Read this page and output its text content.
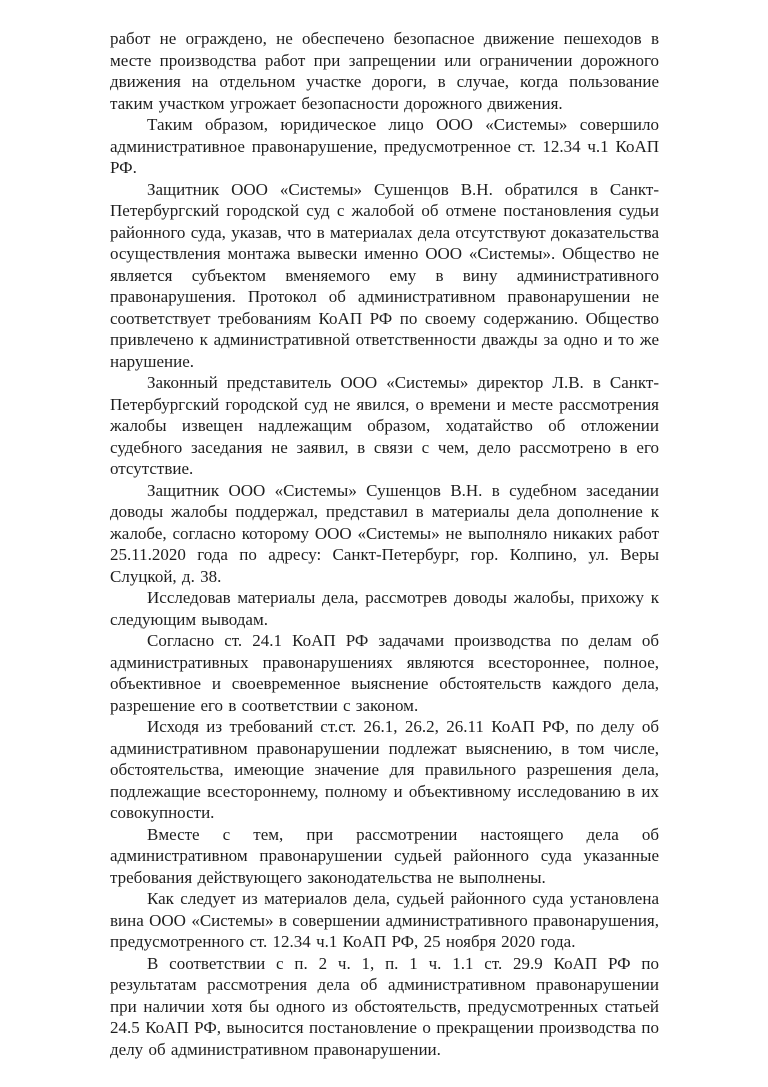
работ не ограждено, не обеспечено безопасное движение пешеходов в месте производства работ при запрещении или ограничении дорожного движения на отдельном участке дороги, в случае, когда пользование таким участком угрожает безопасности дорожного движения.

Таким образом, юридическое лицо ООО «Системы» совершило административное правонарушение, предусмотренное ст. 12.34 ч.1 КоАП РФ.

Защитник ООО «Системы» Сушенцов В.Н. обратился в Санкт-Петербургский городской суд с жалобой об отмене постановления судьи районного суда, указав, что в материалах дела отсутствуют доказательства осуществления монтажа вывески именно ООО «Системы». Общество не является субъектом вменяемого ему в вину административного правонарушения. Протокол об административном правонарушении не соответствует требованиям КоАП РФ по своему содержанию. Общество привлечено к административной ответственности дважды за одно и то же нарушение.

Законный представитель ООО «Системы» директор Л.В. в Санкт-Петербургский городской суд не явился, о времени и месте рассмотрения жалобы извещен надлежащим образом, ходатайство об отложении судебного заседания не заявил, в связи с чем, дело рассмотрено в его отсутствие.

Защитник ООО «Системы» Сушенцов В.Н. в судебном заседании доводы жалобы поддержал, представил в материалы дела дополнение к жалобе, согласно которому ООО «Системы» не выполняло никаких работ 25.11.2020 года по адресу: Санкт-Петербург, гор. Колпино, ул. Веры Слуцкой, д. 38.

Исследовав материалы дела, рассмотрев доводы жалобы, прихожу к следующим выводам.

Согласно ст. 24.1 КоАП РФ задачами производства по делам об административных правонарушениях являются всестороннее, полное, объективное и своевременное выяснение обстоятельств каждого дела, разрешение его в соответствии с законом.

Исходя из требований ст.ст. 26.1, 26.2, 26.11 КоАП РФ, по делу об административном правонарушении подлежат выяснению, в том числе, обстоятельства, имеющие значение для правильного разрешения дела, подлежащие всестороннему, полному и объективному исследованию в их совокупности.

Вместе с тем, при рассмотрении настоящего дела об административном правонарушении судьей районного суда указанные требования действующего законодательства не выполнены.

Как следует из материалов дела, судьей районного суда установлена вина ООО «Системы» в совершении административного правонарушения, предусмотренного ст. 12.34 ч.1 КоАП РФ, 25 ноября 2020 года.

В соответствии с п. 2 ч. 1, п. 1 ч. 1.1 ст. 29.9 КоАП РФ по результатам рассмотрения дела об административном правонарушении при наличии хотя бы одного из обстоятельств, предусмотренных статьей 24.5 КоАП РФ, выносится постановление о прекращении производства по делу об административном правонарушении.
